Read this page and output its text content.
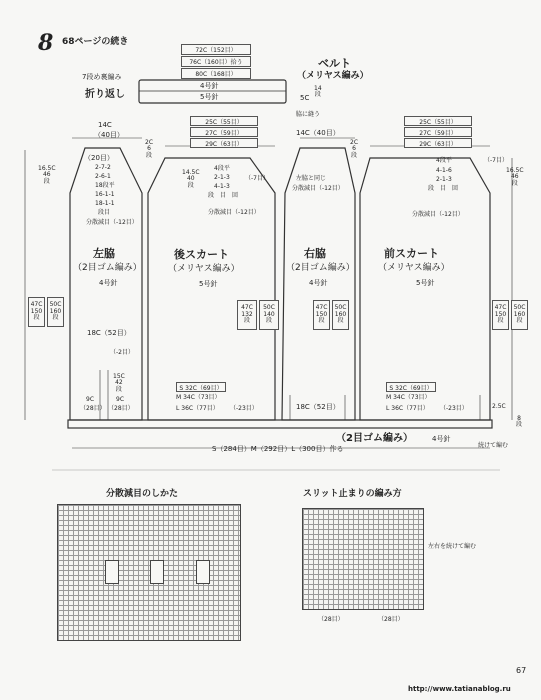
8 68ページの続き
72C（152目）
76C（160目）拾う
80C（168目）
ベルト
（メリヤス編み）
7段め裏編み
折り返し
4号針
5号針	5C
14
段
脇に縫う
14C
（40目）
25C（55目）
27C（59目）
29C（63目）
14C（40目）
25C（55目）
27C（59目）
29C（63目）
（20目）
2-7-2
2-6-1
18段平
16-1-1
18-1-1
段目
分散減目（-12目）
左脇
（2目ゴム編み）
4号針
16.5C
46
段
47C
150
段
50C
160
段
18C（52目）
（-2目）
15C
42
段
9C	9C
（28目） （28目）
2C
6
段
4段平
2-1-3
4-1-3
段 目 回
14.5C
40
段
（-7目）
分散減目（-12目）
後スカート
（メリヤス編み）
5号針
47C
132
段
50C
140
段
S 32C（69目）
M 34C（73目）
L 36C（77目） （-23目）
左脇と同じ
分散減目（-12目）
右脇
（2目ゴム編み）
4号針
47C
150
段
50C
160
段
18C（52目）
2C
6
段
4段平
4-1-6
2-1-3
段 目 回
（-7目）
分散減目（-12目）
16.5C
46
段
前スカート
（メリヤス編み）
5号針
47C
150
段
50C
160
段
S 32C（69目）
M 34C（73目）
L 36C（77目） （-23目）	2.5C
8
段
（2目ゴム編み）	4号針
続けて編む
S（284目）M（292目）L（300目）作る
分散減目のしかた	スリット止まりの編み方
左右を続けて編む
（28目）	（28目）
67
http://www.tatianablog.ru
